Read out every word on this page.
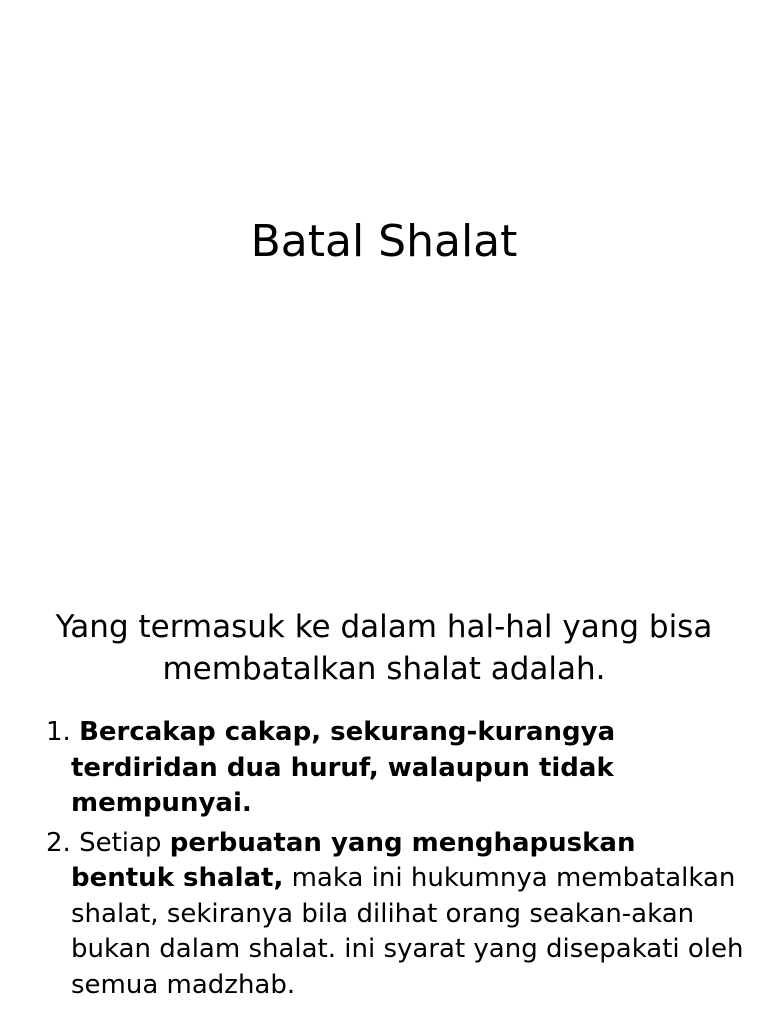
Batal Shalat
Yang termasuk ke dalam hal-hal yang bisa membatalkan shalat adalah.
1. Bercakap cakap, sekurang-kurangya terdiridan dua huruf, walaupun tidak mempunyai.
2. Setiap perbuatan yang menghapuskan bentuk shalat, maka ini hukumnya membatalkan shalat, sekiranya bila dilihat orang seakan-akan bukan dalam shalat. ini syarat yang disepakati oleh semua madzhab.
